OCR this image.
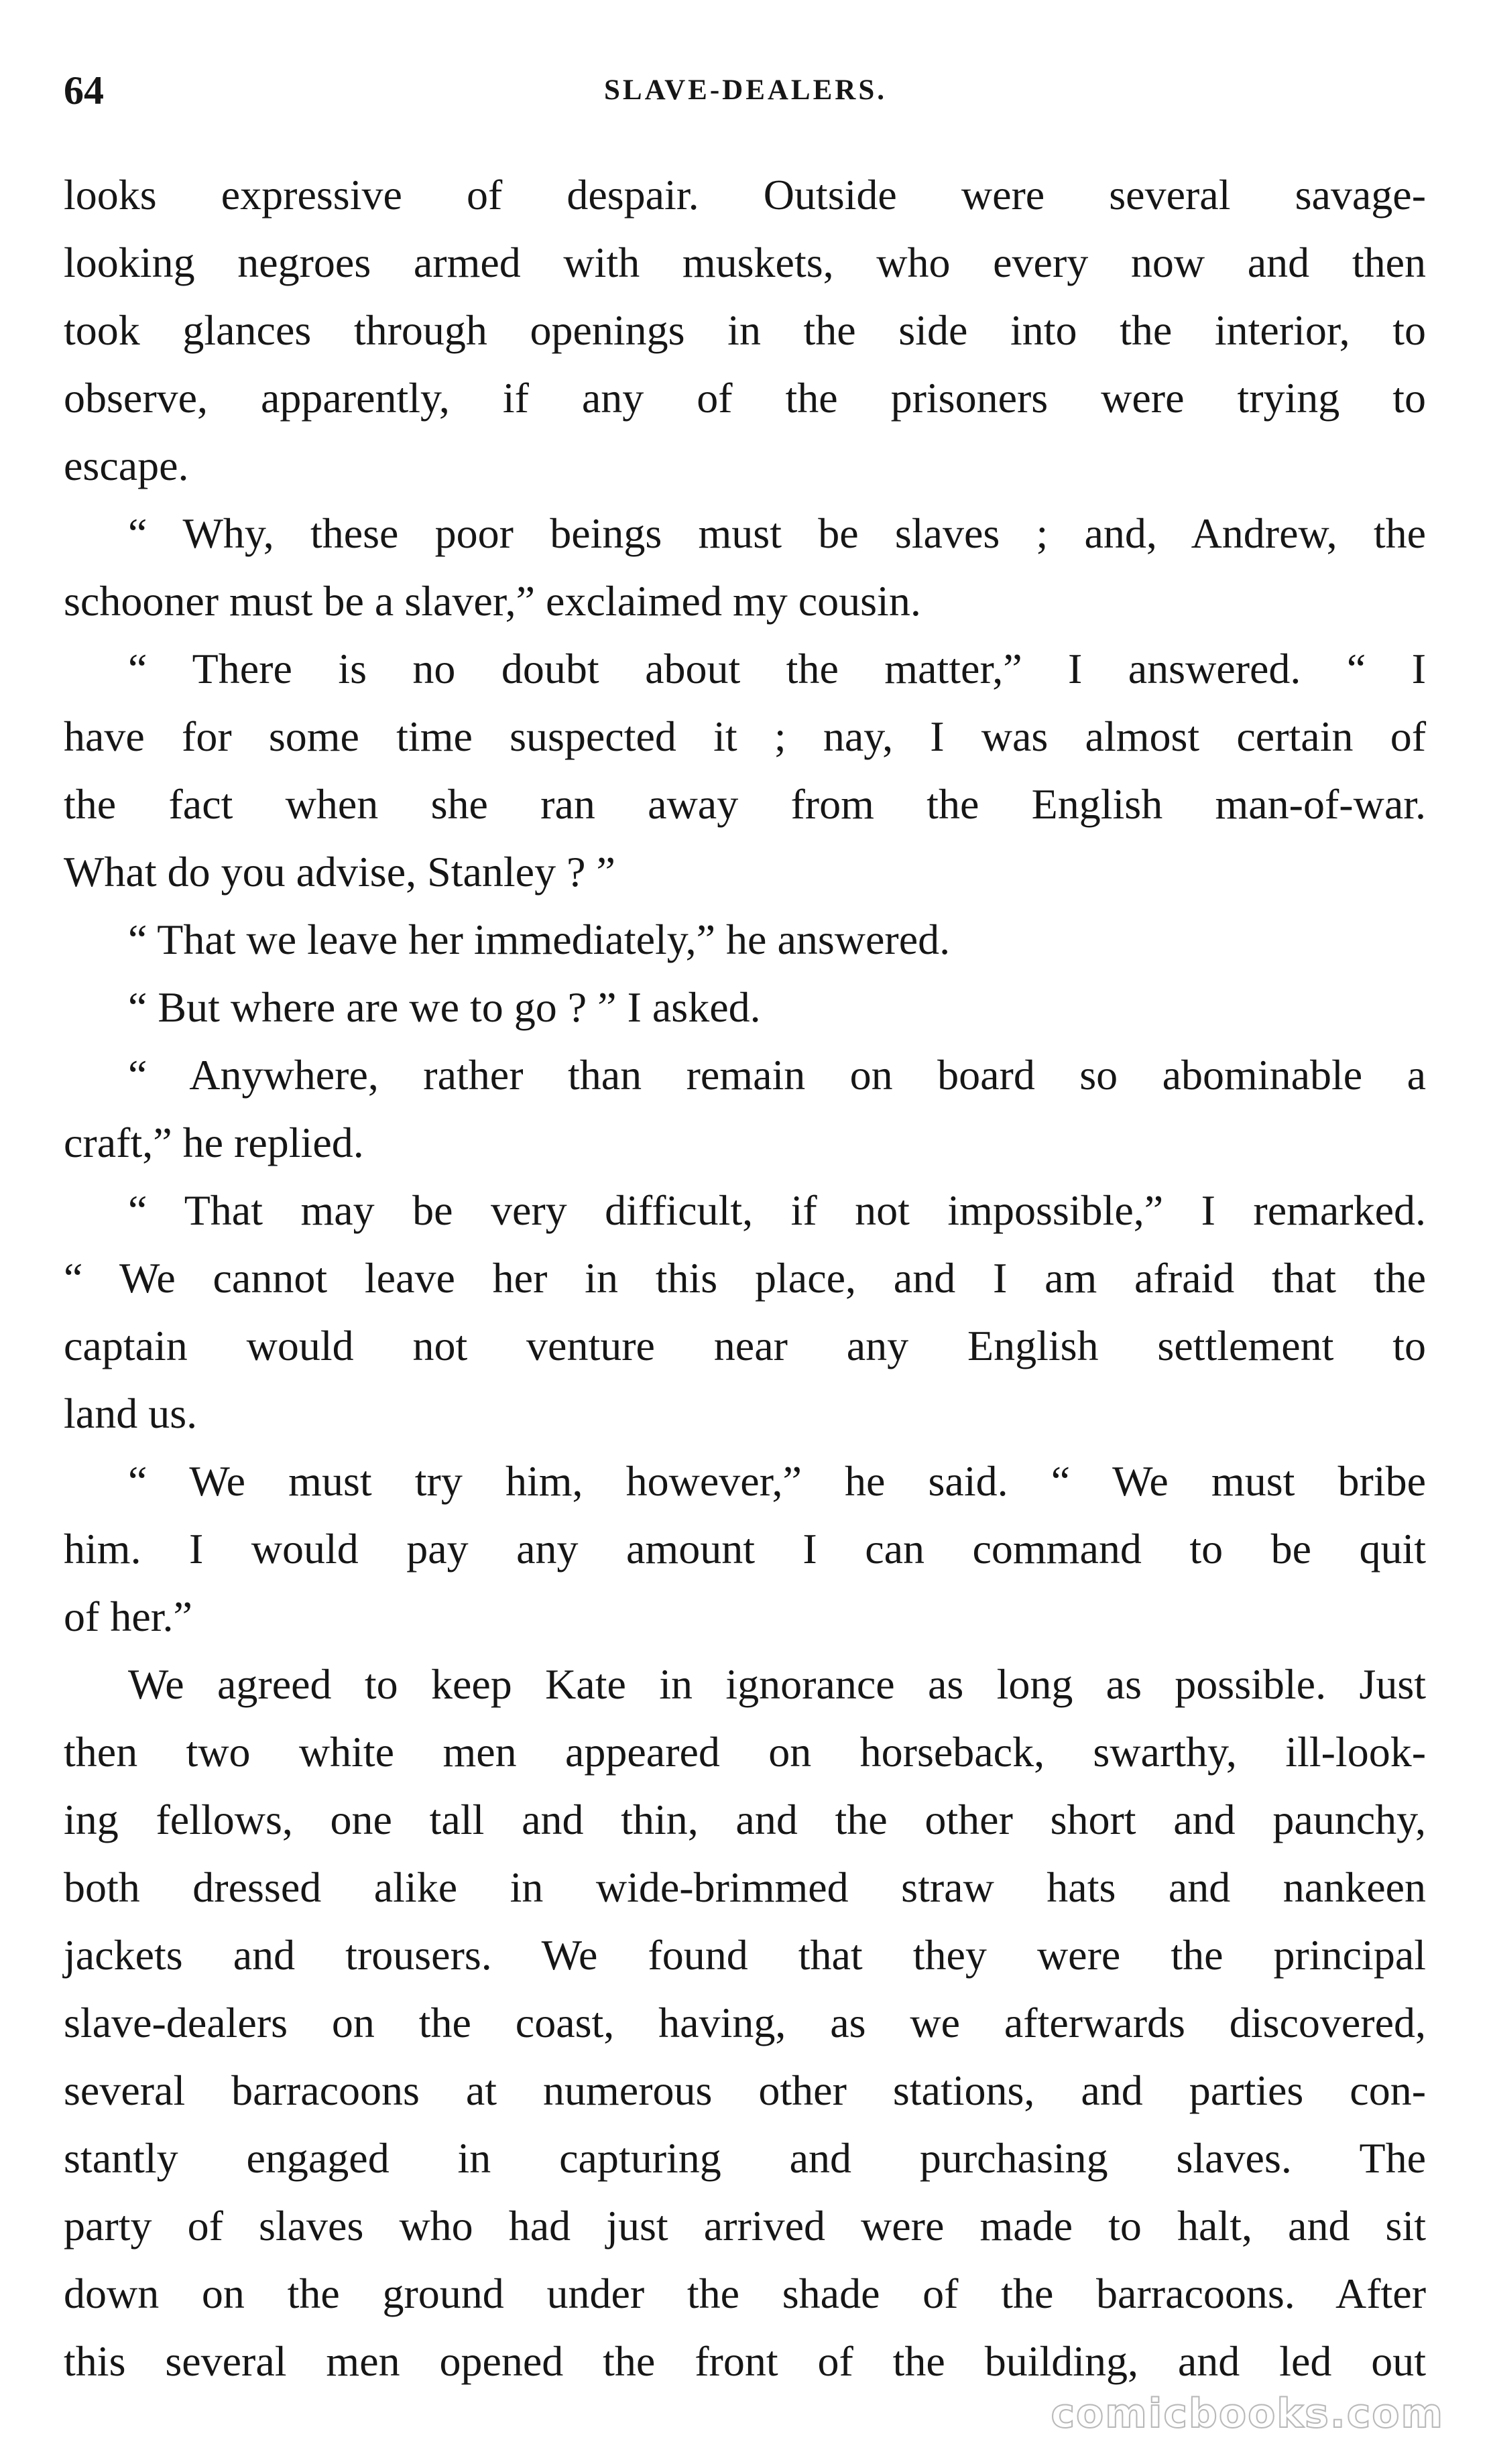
64	SLAVE-DEALERS.
looks expressive of despair. Outside were several savage-
looking negroes armed with muskets, who every now and then
took glances through openings in the side into the interior, to
observe, apparently, if any of the prisoners were trying to
escape.
“ Why, these poor beings must be slaves ; and, Andrew, the
schooner must be a slaver,” exclaimed my cousin.
“ There is no doubt about the matter,” I answered. “ I
have for some time suspected it ; nay, I was almost certain of
the fact when she ran away from the English man-of-war.
What do you advise, Stanley ? ”
“ That we leave her immediately,” he answered.
“ But where are we to go ? ” I asked.
“ Anywhere, rather than remain on board so abominable a
craft,” he replied.
“ That may be very difficult, if not impossible,” I remarked.
“ We cannot leave her in this place, and I am afraid that the
captain would not venture near any English settlement to
land us.
“ We must try him, however,” he said. “ We must bribe
him. I would pay any amount I can command to be quit
of her.”
We agreed to keep Kate in ignorance as long as possible. Just
then two white men appeared on horseback, swarthy, ill-look-
ing fellows, one tall and thin, and the other short and paunchy,
both dressed alike in wide-brimmed straw hats and nankeen
jackets and trousers. We found that they were the principal
slave-dealers on the coast, having, as we afterwards discovered,
several barracoons at numerous other stations, and parties con-
stantly engaged in capturing and purchasing slaves. The
party of slaves who had just arrived were made to halt, and sit
down on the ground under the shade of the barracoons. After
this several men opened the front of the building, and led out
comicbooks.com
